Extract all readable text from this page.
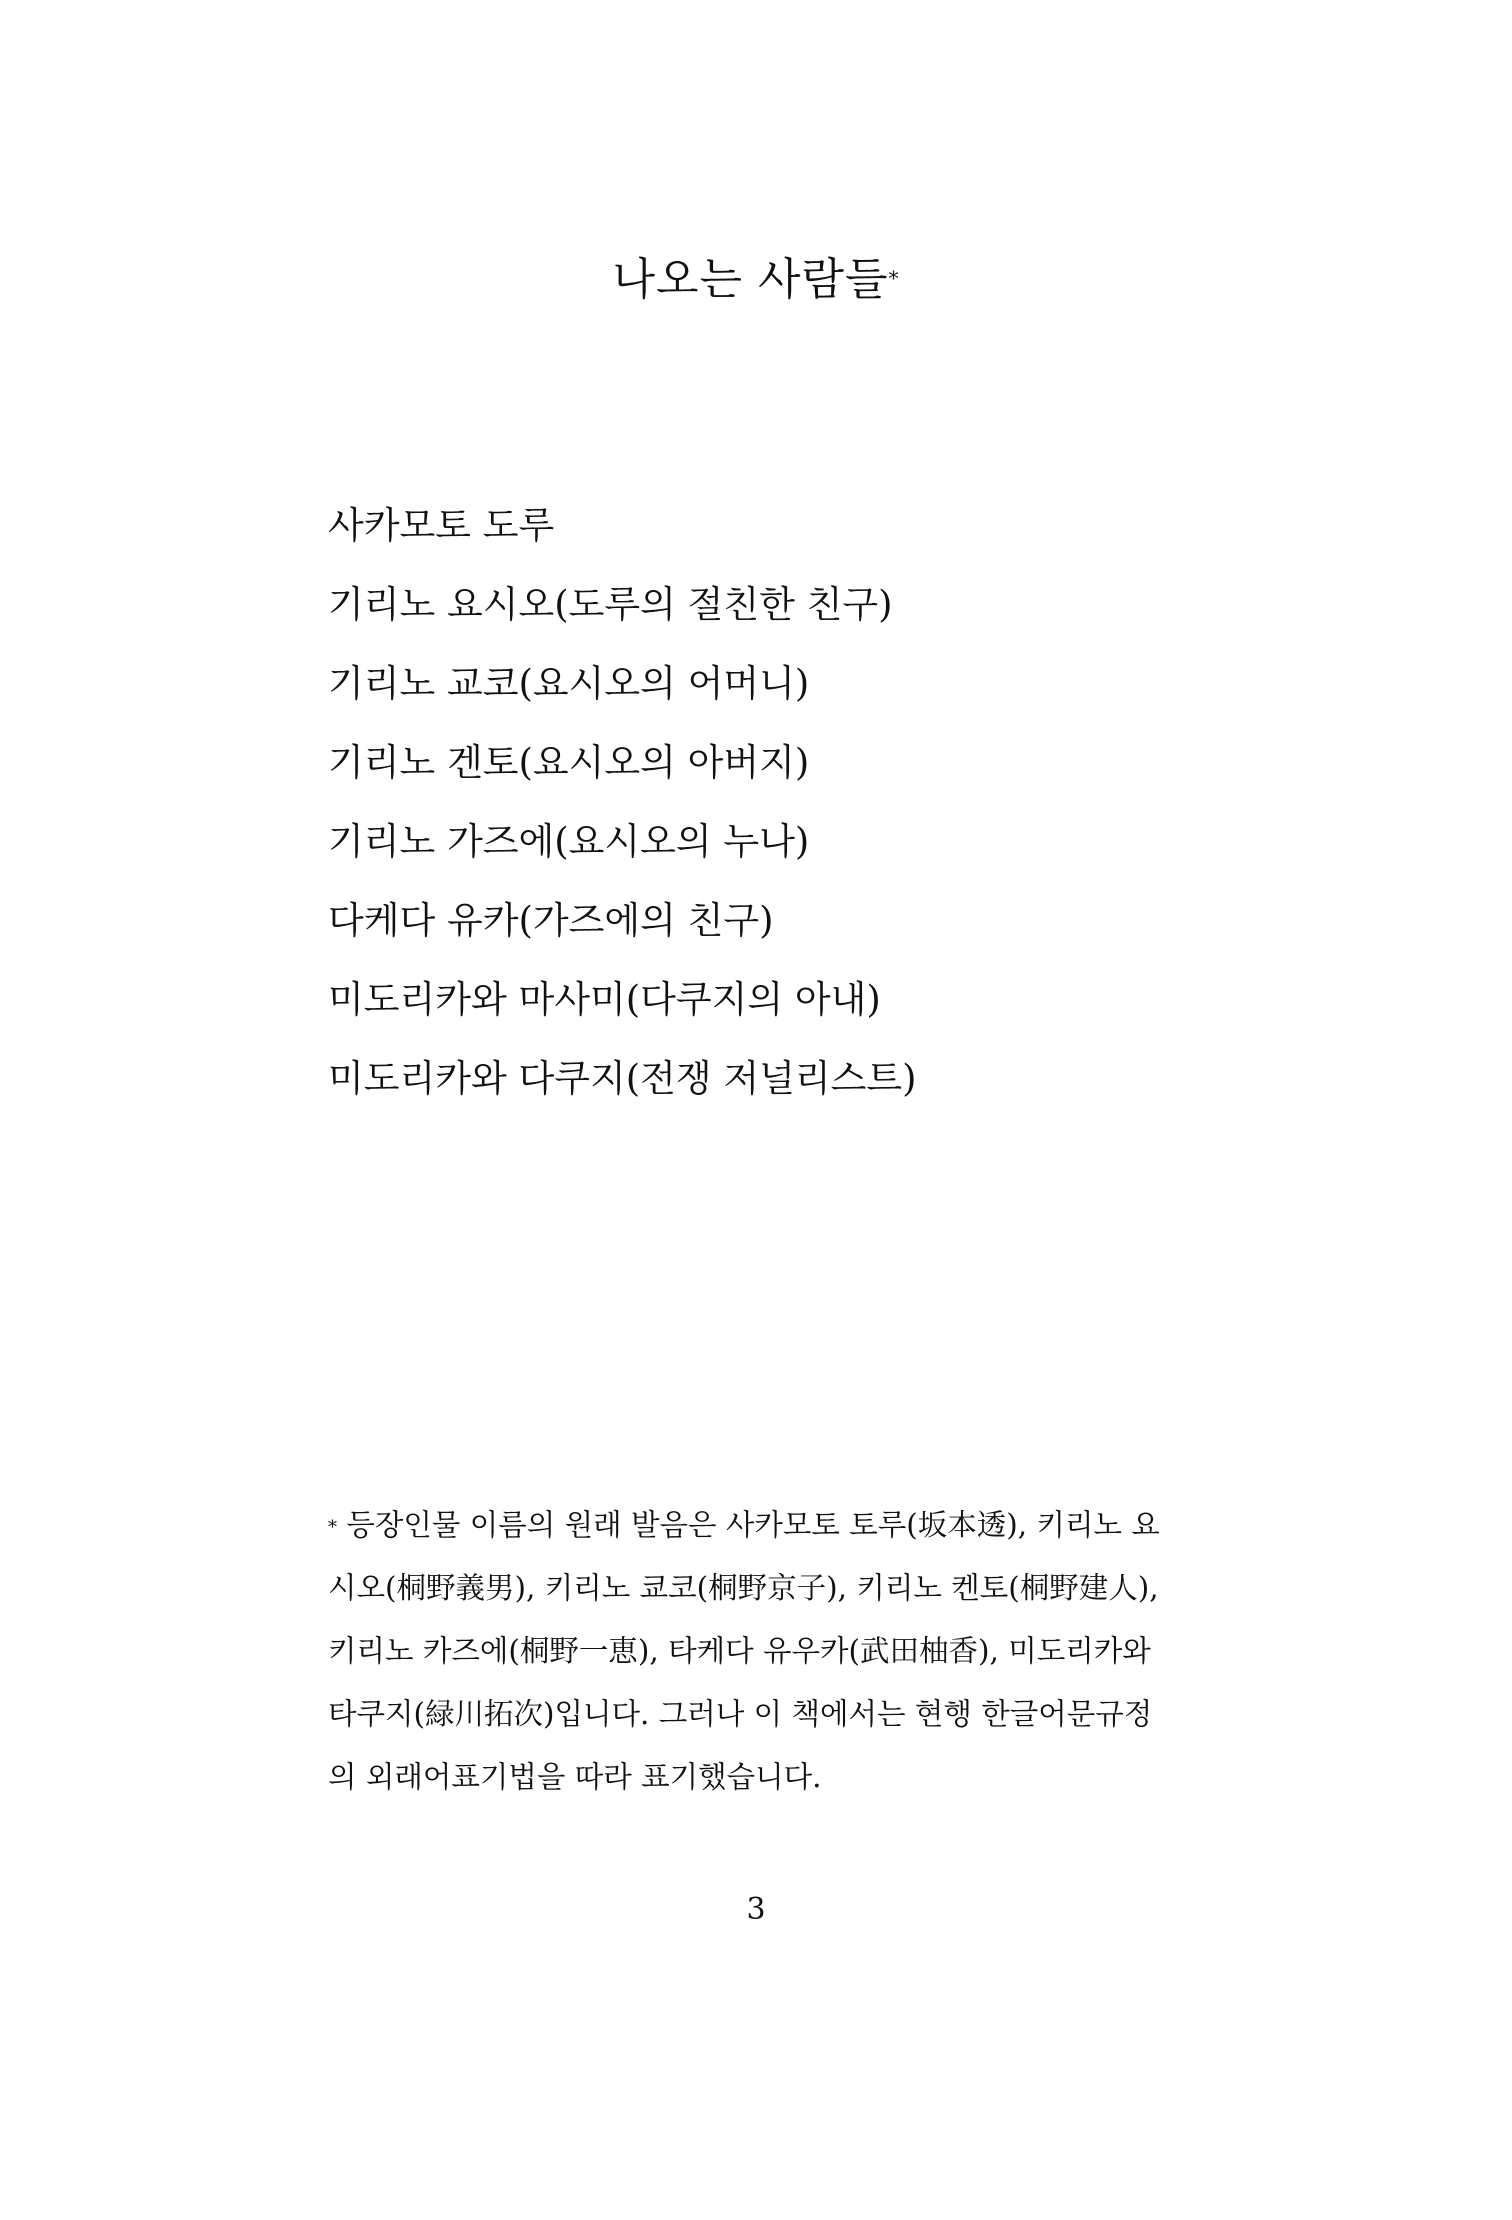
나오는 사람들*
사카모토 도루
기리노 요시오(도루의 절친한 친구)
기리노 교코(요시오의 어머니)
기리노 겐토(요시오의 아버지)
기리노 가즈에(요시오의 누나)
다케다 유카(가즈에의 친구)
미도리카와 마사미(다쿠지의 아내)
미도리카와 다쿠지(전쟁 저널리스트)
* 등장인물 이름의 원래 발음은 사카모토 토루(坂本透), 키리노 요
시오(桐野義男), 키리노 쿄코(桐野京子), 키리노 켄토(桐野建人),
키리노 카즈에(桐野一恵), 타케다 유우카(武田柚香), 미도리카와
타쿠지(緑川拓次)입니다. 그러나 이 책에서는 현행 한글어문규정
의 외래어표기법을 따라 표기했습니다.
3
